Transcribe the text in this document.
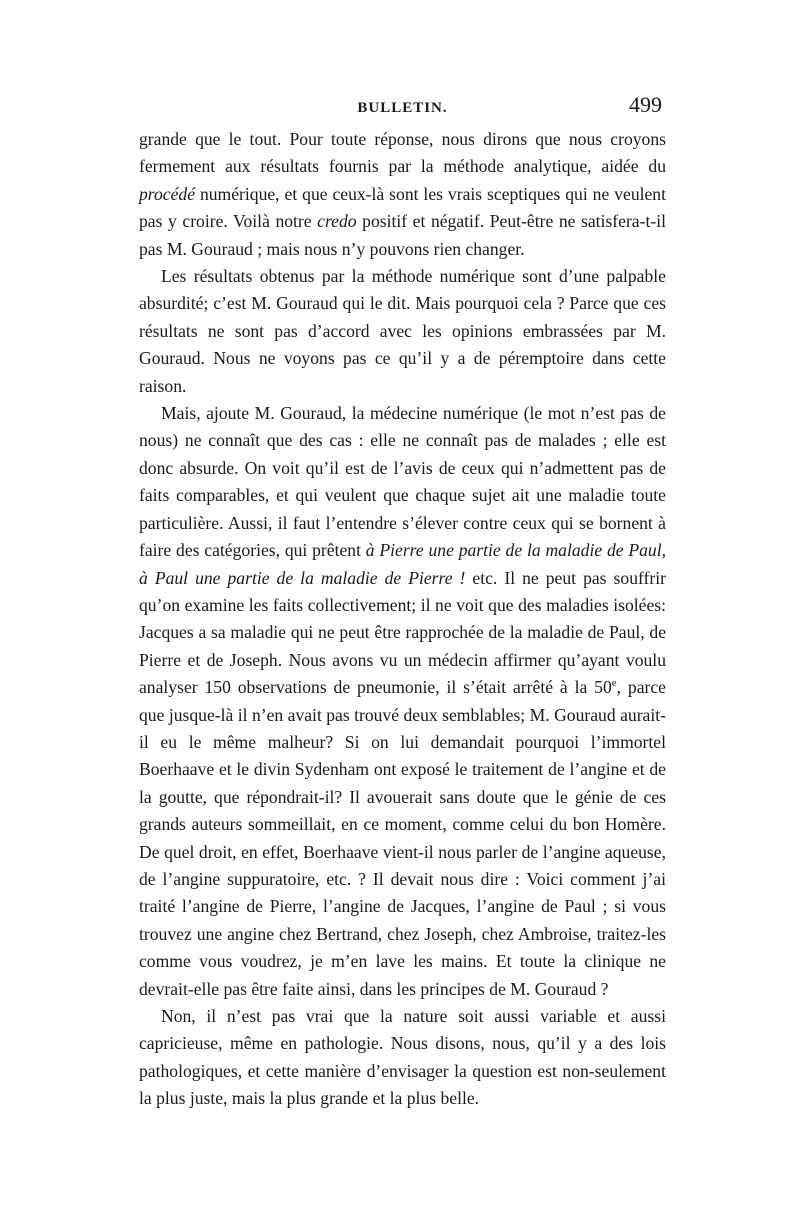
BULLETIN.	499

grande que le tout. Pour toute réponse, nous dirons que nous croyons fermement aux résultats fournis par la méthode analytique, aidée du procédé numérique, et que ceux-là sont les vrais sceptiques qui ne veulent pas y croire. Voilà notre credo positif et négatif. Peut-être ne satisfera-t-il pas M. Gouraud ; mais nous n’y pouvons rien changer.

Les résultats obtenus par la méthode numérique sont d’une palpable absurdité; c’est M. Gouraud qui le dit. Mais pourquoi cela ? Parce que ces résultats ne sont pas d’accord avec les opinions embrassées par M. Gouraud. Nous ne voyons pas ce qu’il y a de péremptoire dans cette raison.

Mais, ajoute M. Gouraud, la médecine numérique (le mot n’est pas de nous) ne connaît que des cas : elle ne connaît pas de malades ; elle est donc absurde. On voit qu’il est de l’avis de ceux qui n’admettent pas de faits comparables, et qui veulent que chaque sujet ait une maladie toute particulière. Aussi, il faut l’entendre s’élever contre ceux qui se bornent à faire des catégories, qui prêtent à Pierre une partie de la maladie de Paul, à Paul une partie de la maladie de Pierre ! etc. Il ne peut pas souffrir qu’on examine les faits collectivement; il ne voit que des maladies isolées: Jacques a sa maladie qui ne peut être rapprochée de la maladie de Paul, de Pierre et de Joseph. Nous avons vu un médecin affirmer qu’ayant voulu analyser 150 observations de pneumonie, il s’était arrêté à la 50e, parce que jusque-là il n’en avait pas trouvé deux semblables; M. Gouraud aurait-il eu le même malheur? Si on lui demandait pourquoi l’immortel Boerhaave et le divin Sydenham ont exposé le traitement de l’angine et de la goutte, que répondrait-il? Il avouerait sans doute que le génie de ces grands auteurs sommeillait, en ce moment, comme celui du bon Homère. De quel droit, en effet, Boerhaave vient-il nous parler de l’angine aqueuse, de l’angine suppuratoire, etc. ? Il devait nous dire : Voici comment j’ai traité l’angine de Pierre, l’angine de Jacques, l’angine de Paul ; si vous trouvez une angine chez Bertrand, chez Joseph, chez Ambroise, traitez-les comme vous voudrez, je m’en lave les mains. Et toute la clinique ne devrait-elle pas être faite ainsi, dans les principes de M. Gouraud ?

Non, il n’est pas vrai que la nature soit aussi variable et aussi capricieuse, même en pathologie. Nous disons, nous, qu’il y a des lois pathologiques, et cette manière d’envisager la question est non-seulement la plus juste, mais la plus grande et la plus belle.
